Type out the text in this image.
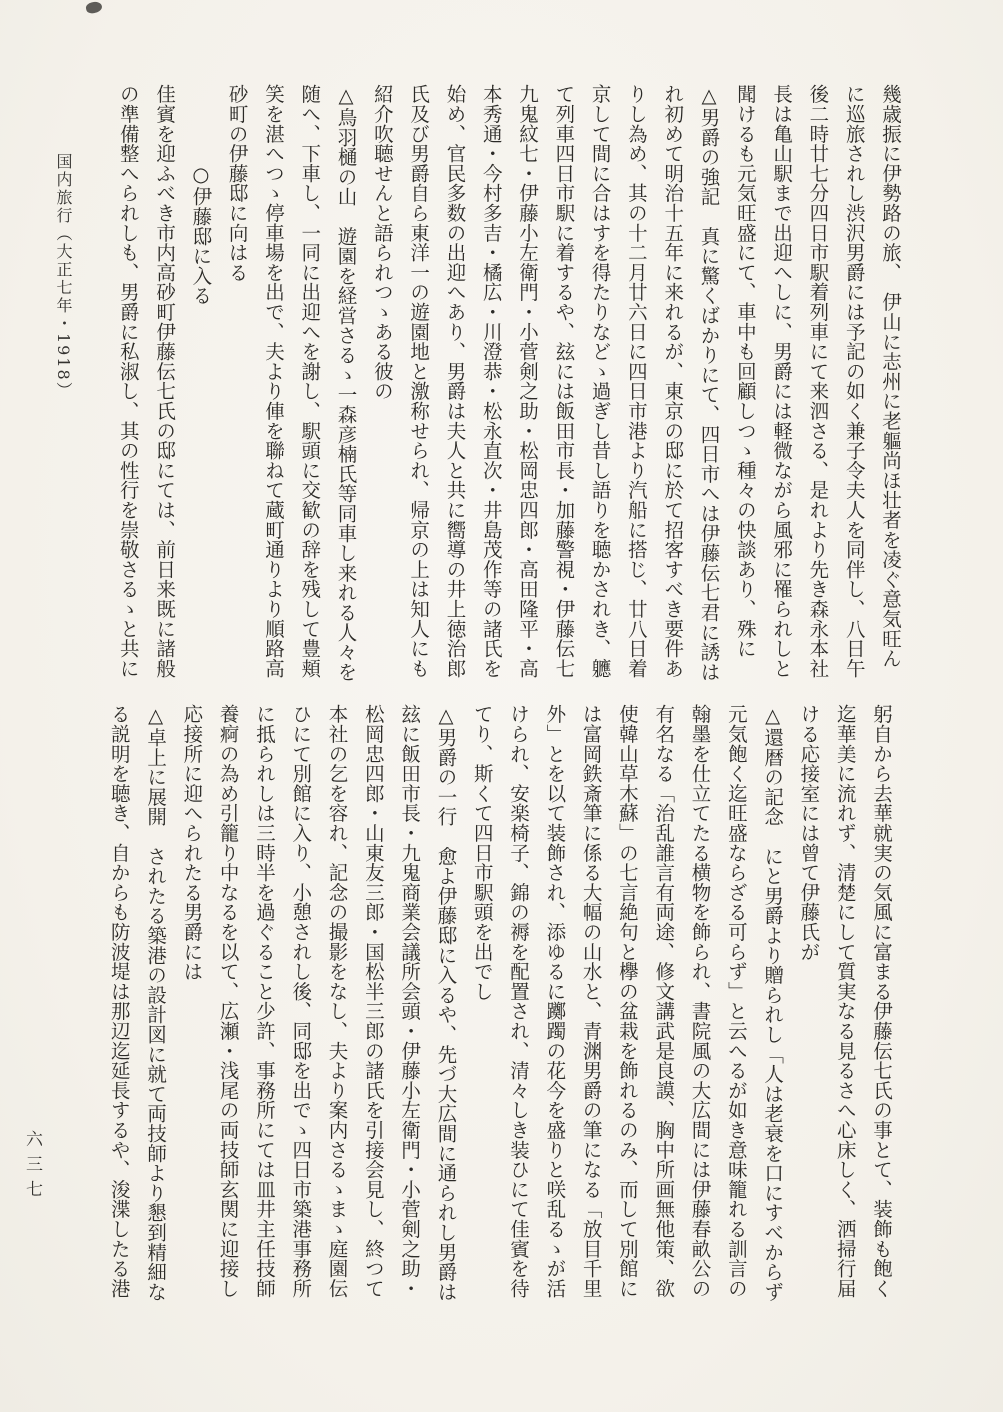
国内旅行（大正七年・1918）	幾歳振に伊勢路の旅、　伊山に志州に老軀尚ほ壮者を凌ぐ意気旺ん
に巡旅されし渋沢男爵には予記の如く兼子令夫人を同伴し、八日午
後二時廿七分四日市駅着列車にて来泗さる、是れより先き森永本社
長は亀山駅まで出迎へしに、男爵には軽微ながら風邪に罹られしと
聞けるも元気旺盛にて、車中も回顧しつゝ種々の快談あり、殊に
△男爵の強記　真に驚くばかりにて、四日市へは伊藤伝七君に誘は
れ初めて明治十五年に来れるが、東京の邸に於て招客すべき要件あ
りし為め、其の十二月廿六日に四日市港より汽船に搭じ、廿八日着
京して間に合はすを得たりなどゝ過ぎし昔し語りを聴かされき、軈
て列車四日市駅に着するや、玆には飯田市長・加藤警視・伊藤伝七
九鬼紋七・伊藤小左衛門・小菅剣之助・松岡忠四郎・高田隆平・高
本秀通・今村多吉・橘広・川澄恭・松永直次・井島茂作等の諸氏を
始め、官民多数の出迎へあり、男爵は夫人と共に嚮導の井上徳治郎
氏及び男爵自ら東洋一の遊園地と激称せられ、帰京の上は知人にも
紹介吹聴せんと語られつゝある彼の
△鳥羽樋の山　遊園を経営さるゝ一森彦楠氏等同車し来れる人々を
随へ、下車し、一同に出迎へを謝し、駅頭に交歓の辞を残して豊頬
笑を湛へつゝ停車場を出で、夫より俥を聯ねて蔵町通りより順路高
砂町の伊藤邸に向はる
　　　　○伊藤邸に入る
佳賓を迎ふべき市内高砂町伊藤伝七氏の邸にては、前日来既に諸般
の準備整へられしも、男爵に私淑し、其の性行を崇敬さるゝと共に
躬自から去華就実の気風に富まる伊藤伝七氏の事とて、装飾も飽く
迄華美に流れず、清楚にして質実なる見るさへ心床しく、洒掃行届
ける応接室には曾て伊藤氏が
△還暦の記念　にと男爵より贈られし「人は老衰を口にすべからず
元気飽く迄旺盛ならざる可らず」と云へるが如き意味籠れる訓言の
翰墨を仕立てたる横物を飾られ、書院風の大広間には伊藤春畝公の
有名なる「治乱誰言有両途、修文講武是良謨、胸中所画無他策、欲
使韓山草木蘇」の七言絶句と欅の盆栽を飾れるのみ、而して別館に
は富岡鉄斎筆に係る大幅の山水と、青渊男爵の筆になる「放目千里
外」とを以て装飾され、添ゆるに躑躅の花今を盛りと咲乱るゝが活
けられ、安楽椅子、錦の褥を配置され、清々しき装ひにて佳賓を待
てり、斯くて四日市駅頭を出でし
△男爵の一行　愈よ伊藤邸に入るや、先づ大広間に通られし男爵は
玆に飯田市長・九鬼商業会議所会頭・伊藤小左衛門・小菅剣之助・
松岡忠四郎・山東友三郎・国松半三郎の諸氏を引接会見し、終つて
本社の乞を容れ、記念の撮影をなし、夫より案内さるゝまゝ庭園伝
ひにて別館に入り、小憩されし後、同邸を出でゝ四日市築港事務所
に抵られしは三時半を過ぐること少許、事務所にては皿井主任技師
養痾の為め引籠り中なるを以て、広瀬・浅尾の両技師玄関に迎接し
応接所に迎へられたる男爵には
△卓上に展開　されたる築港の設計図に就て両技師より懇到精細な
る説明を聴き、自からも防波堤は那辺迄延長するや、浚渫したる港
六三七
